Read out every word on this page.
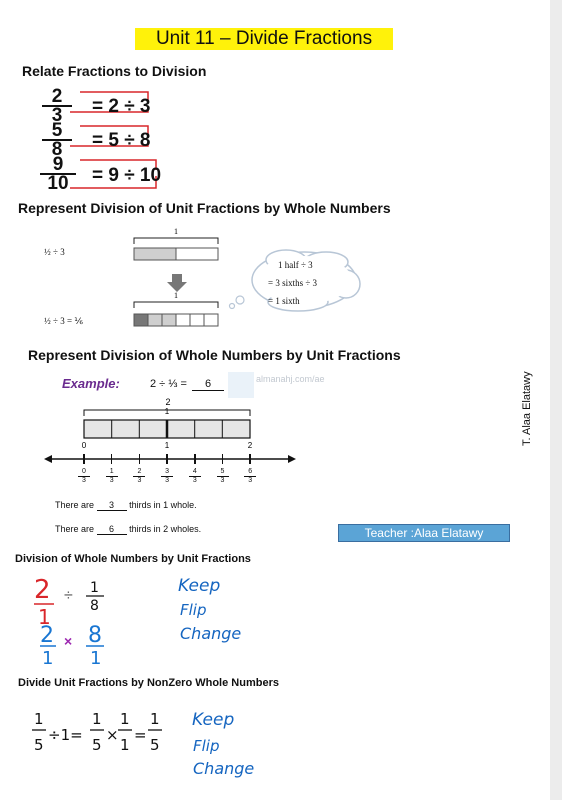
Unit 11 – Divide Fractions
T. Alaa Elatawy
Relate Fractions to Division
2
3	= 2 ÷ 3
5
8	= 5 ÷ 8
9
10	= 9 ÷ 10
Represent Division of Unit Fractions by Whole Numbers
½ ÷ 3
½ ÷ 3 = ⅙
1
1
1 half ÷ 3
= 3 sixths ÷ 3
= 1 sixth
Represent Division of Whole Numbers by Unit Fractions
Example:	2 ÷ ⅓ =	6	almanahj.com/ae
2
0	1	2
1
0
3
1
3
2
3
3
3
4
3
5
3
6
3
There are 3 thirds in 1 whole.
There are 6 thirds in 2 wholes.	Teacher :Alaa Elatawy
Division of Whole Numbers by Unit Fractions
2
1
÷ 1
8
2
1
× 8
1
Keep
Flip
Change
Divide Unit Fractions by NonZero Whole Numbers
1
5
÷1=
1
5
×
1
1
=
1
5
Keep
Flip
Change
